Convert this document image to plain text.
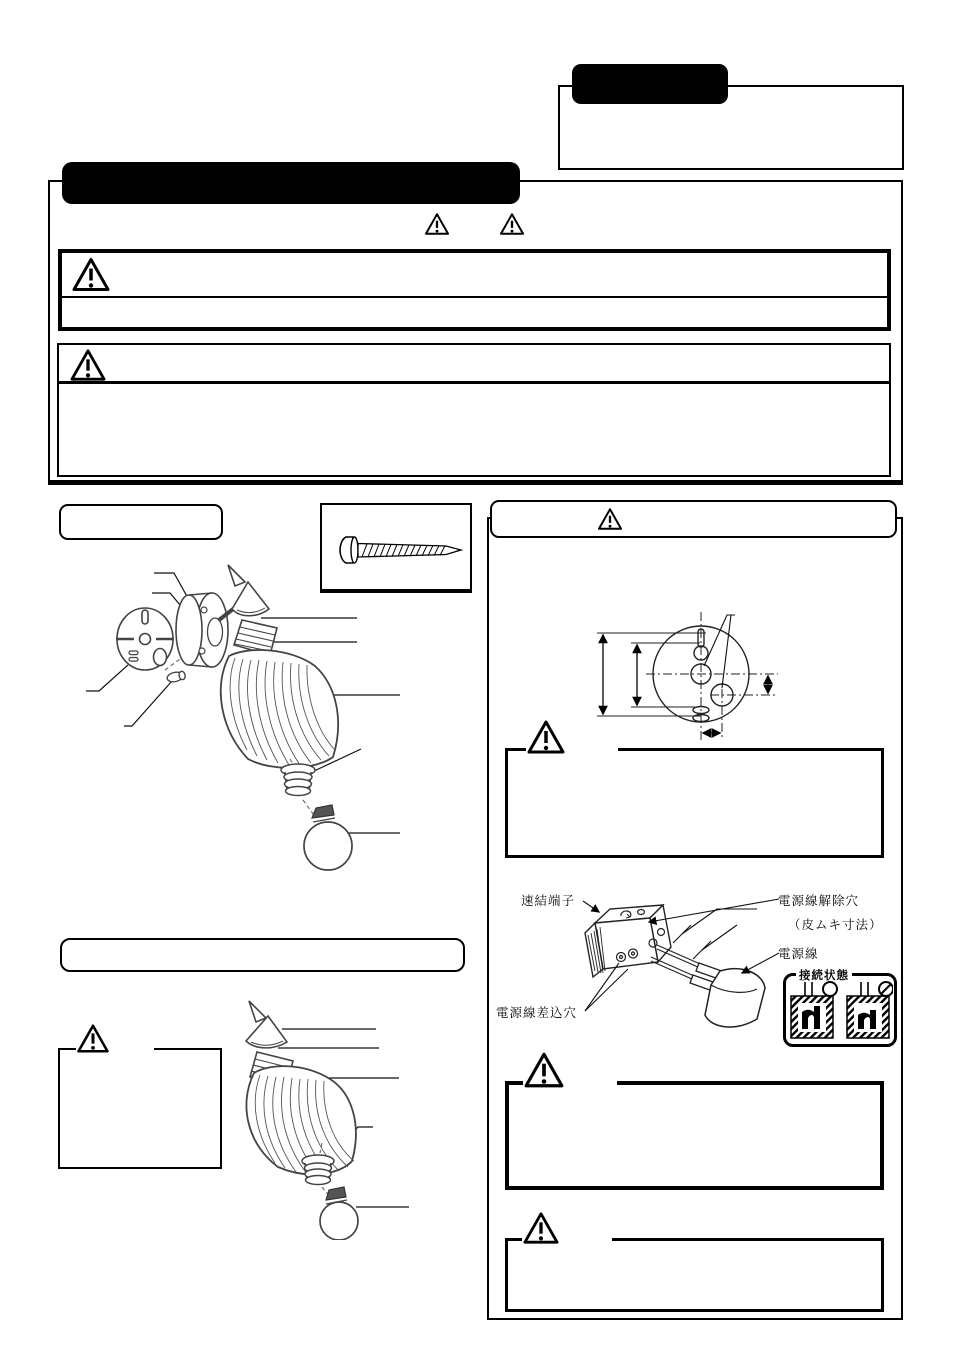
速結端子	電源線解除穴
（皮ムキ寸法）
電源線
電源線差込穴
接続状態
